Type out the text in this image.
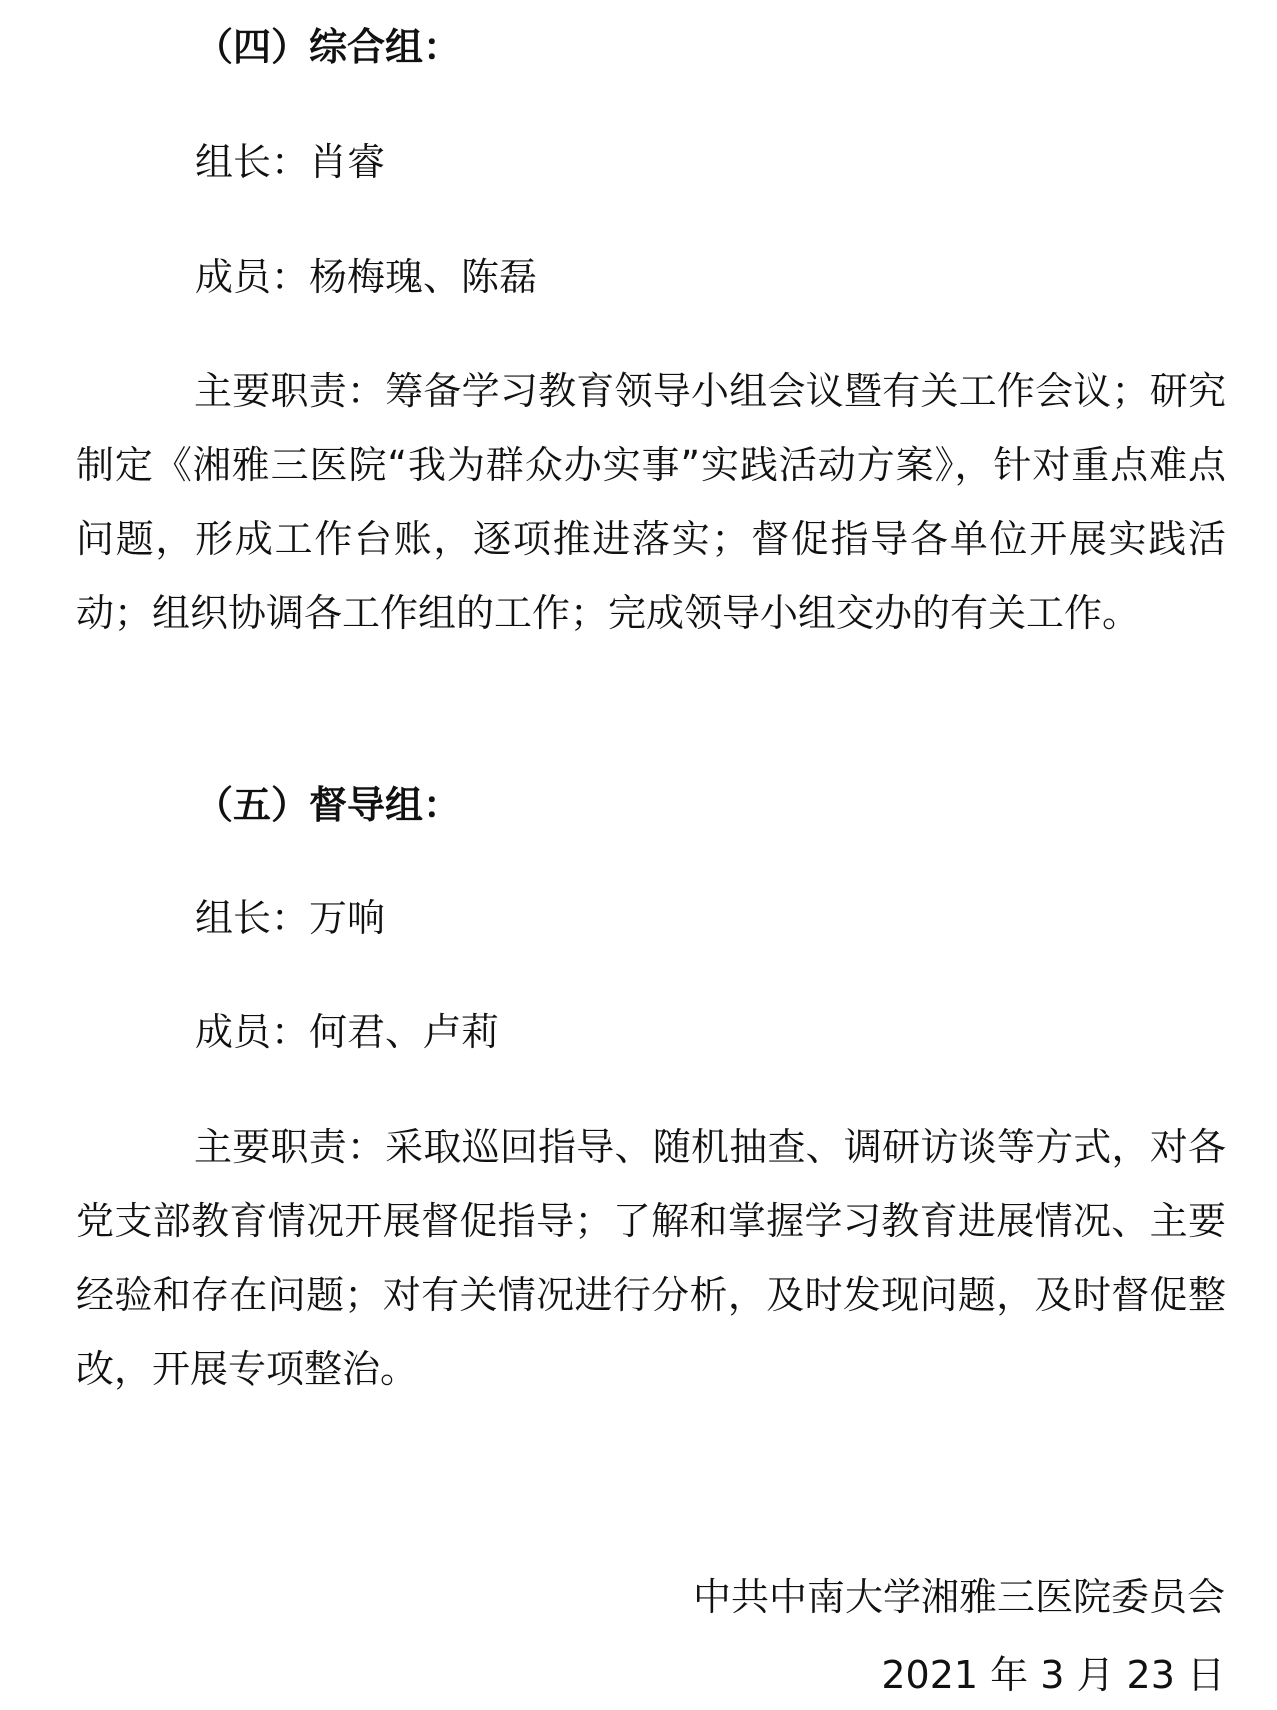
（四）综合组：
组长：肖睿
成员：杨梅瑰、陈磊
主要职责：筹备学习教育领导小组会议暨有关工作会议；研究制定《湘雅三医院“我为群众办实事”实践活动方案》，针对重点难点问题，形成工作台账，逐项推进落实；督促指导各单位开展实践活动；组织协调各工作组的工作；完成领导小组交办的有关工作。
（五）督导组：
组长：万响
成员：何君、卢莉
主要职责：采取巡回指导、随机抽查、调研访谈等方式，对各党支部教育情况开展督促指导；了解和掌握学习教育进展情况、主要经验和存在问题；对有关情况进行分析，及时发现问题，及时督促整改，开展专项整治。
中共中南大学湘雅三医院委员会
2021 年 3 月 23 日
